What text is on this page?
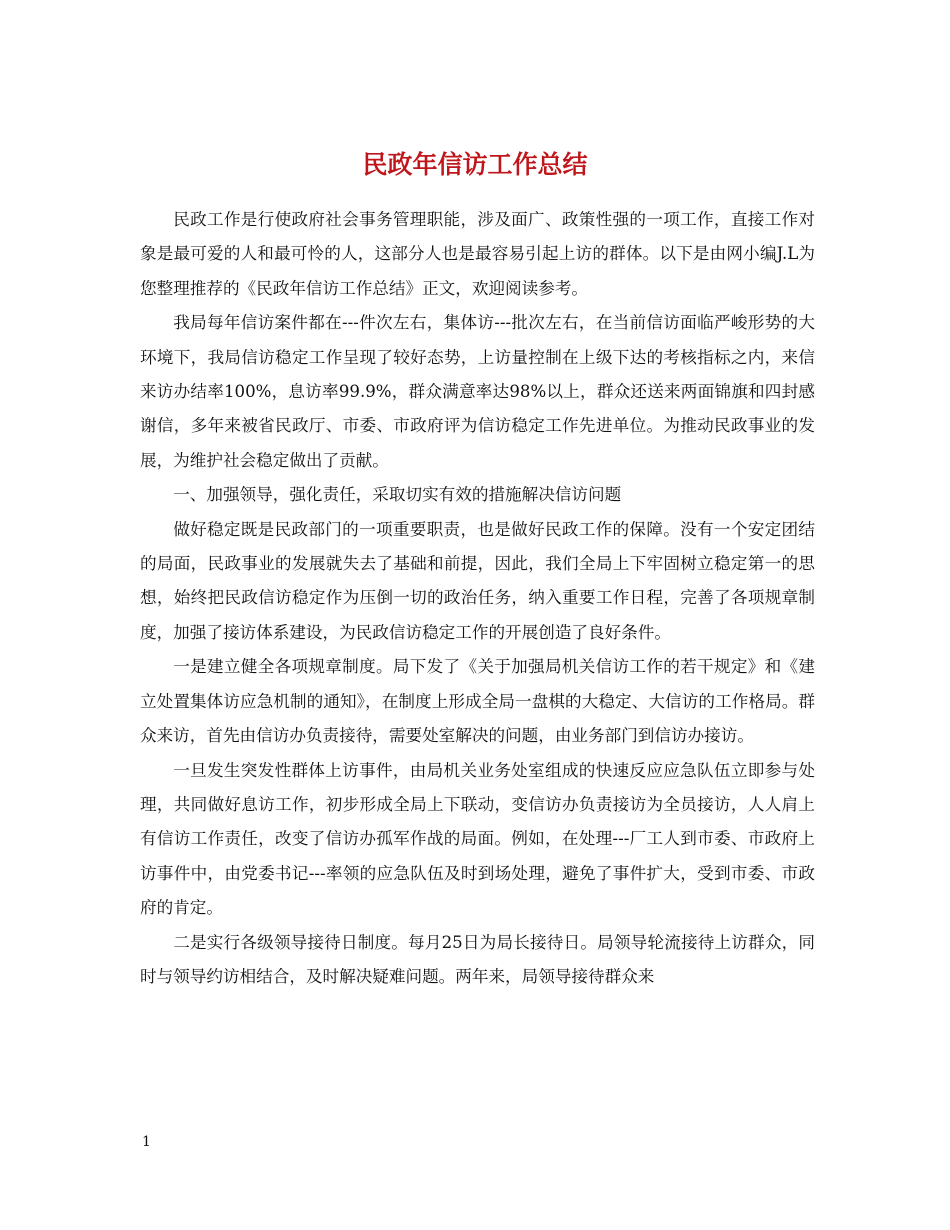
民政年信访工作总结

民政工作是行使政府社会事务管理职能，涉及面广、政策性强的一项工作，直接工作对象是最可爱的人和最可怜的人，这部分人也是最容易引起上访的群体。以下是由网小编J.L为您整理推荐的《民政年信访工作总结》正文，欢迎阅读参考。

我局每年信访案件都在---件次左右，集体访---批次左右，在当前信访面临严峻形势的大环境下，我局信访稳定工作呈现了较好态势，上访量控制在上级下达的考核指标之内，来信来访办结率100%，息访率99.9%，群众满意率达98%以上，群众还送来两面锦旗和四封感谢信，多年来被省民政厅、市委、市政府评为信访稳定工作先进单位。为推动民政事业的发展，为维护社会稳定做出了贡献。

一、加强领导，强化责任，采取切实有效的措施解决信访问题

做好稳定既是民政部门的一项重要职责，也是做好民政工作的保障。没有一个安定团结的局面，民政事业的发展就失去了基础和前提，因此，我们全局上下牢固树立稳定第一的思想，始终把民政信访稳定作为压倒一切的政治任务，纳入重要工作日程，完善了各项规章制度，加强了接访体系建设，为民政信访稳定工作的开展创造了良好条件。

一是建立健全各项规章制度。局下发了《关于加强局机关信访工作的若干规定》和《建立处置集体访应急机制的通知》，在制度上形成全局一盘棋的大稳定、大信访的工作格局。群众来访，首先由信访办负责接待，需要处室解决的问题，由业务部门到信访办接访。

一旦发生突发性群体上访事件，由局机关业务处室组成的快速反应应急队伍立即参与处理，共同做好息访工作，初步形成全局上下联动，变信访办负责接访为全员接访，人人肩上有信访工作责任，改变了信访办孤军作战的局面。例如，在处理---厂工人到市委、市政府上访事件中，由党委书记---率领的应急队伍及时到场处理，避免了事件扩大，受到市委、市政府的肯定。

二是实行各级领导接待日制度。每月25日为局长接待日。局领导轮流接待上访群众，同时与领导约访相结合，及时解决疑难问题。两年来，局领导接待群众来

1
